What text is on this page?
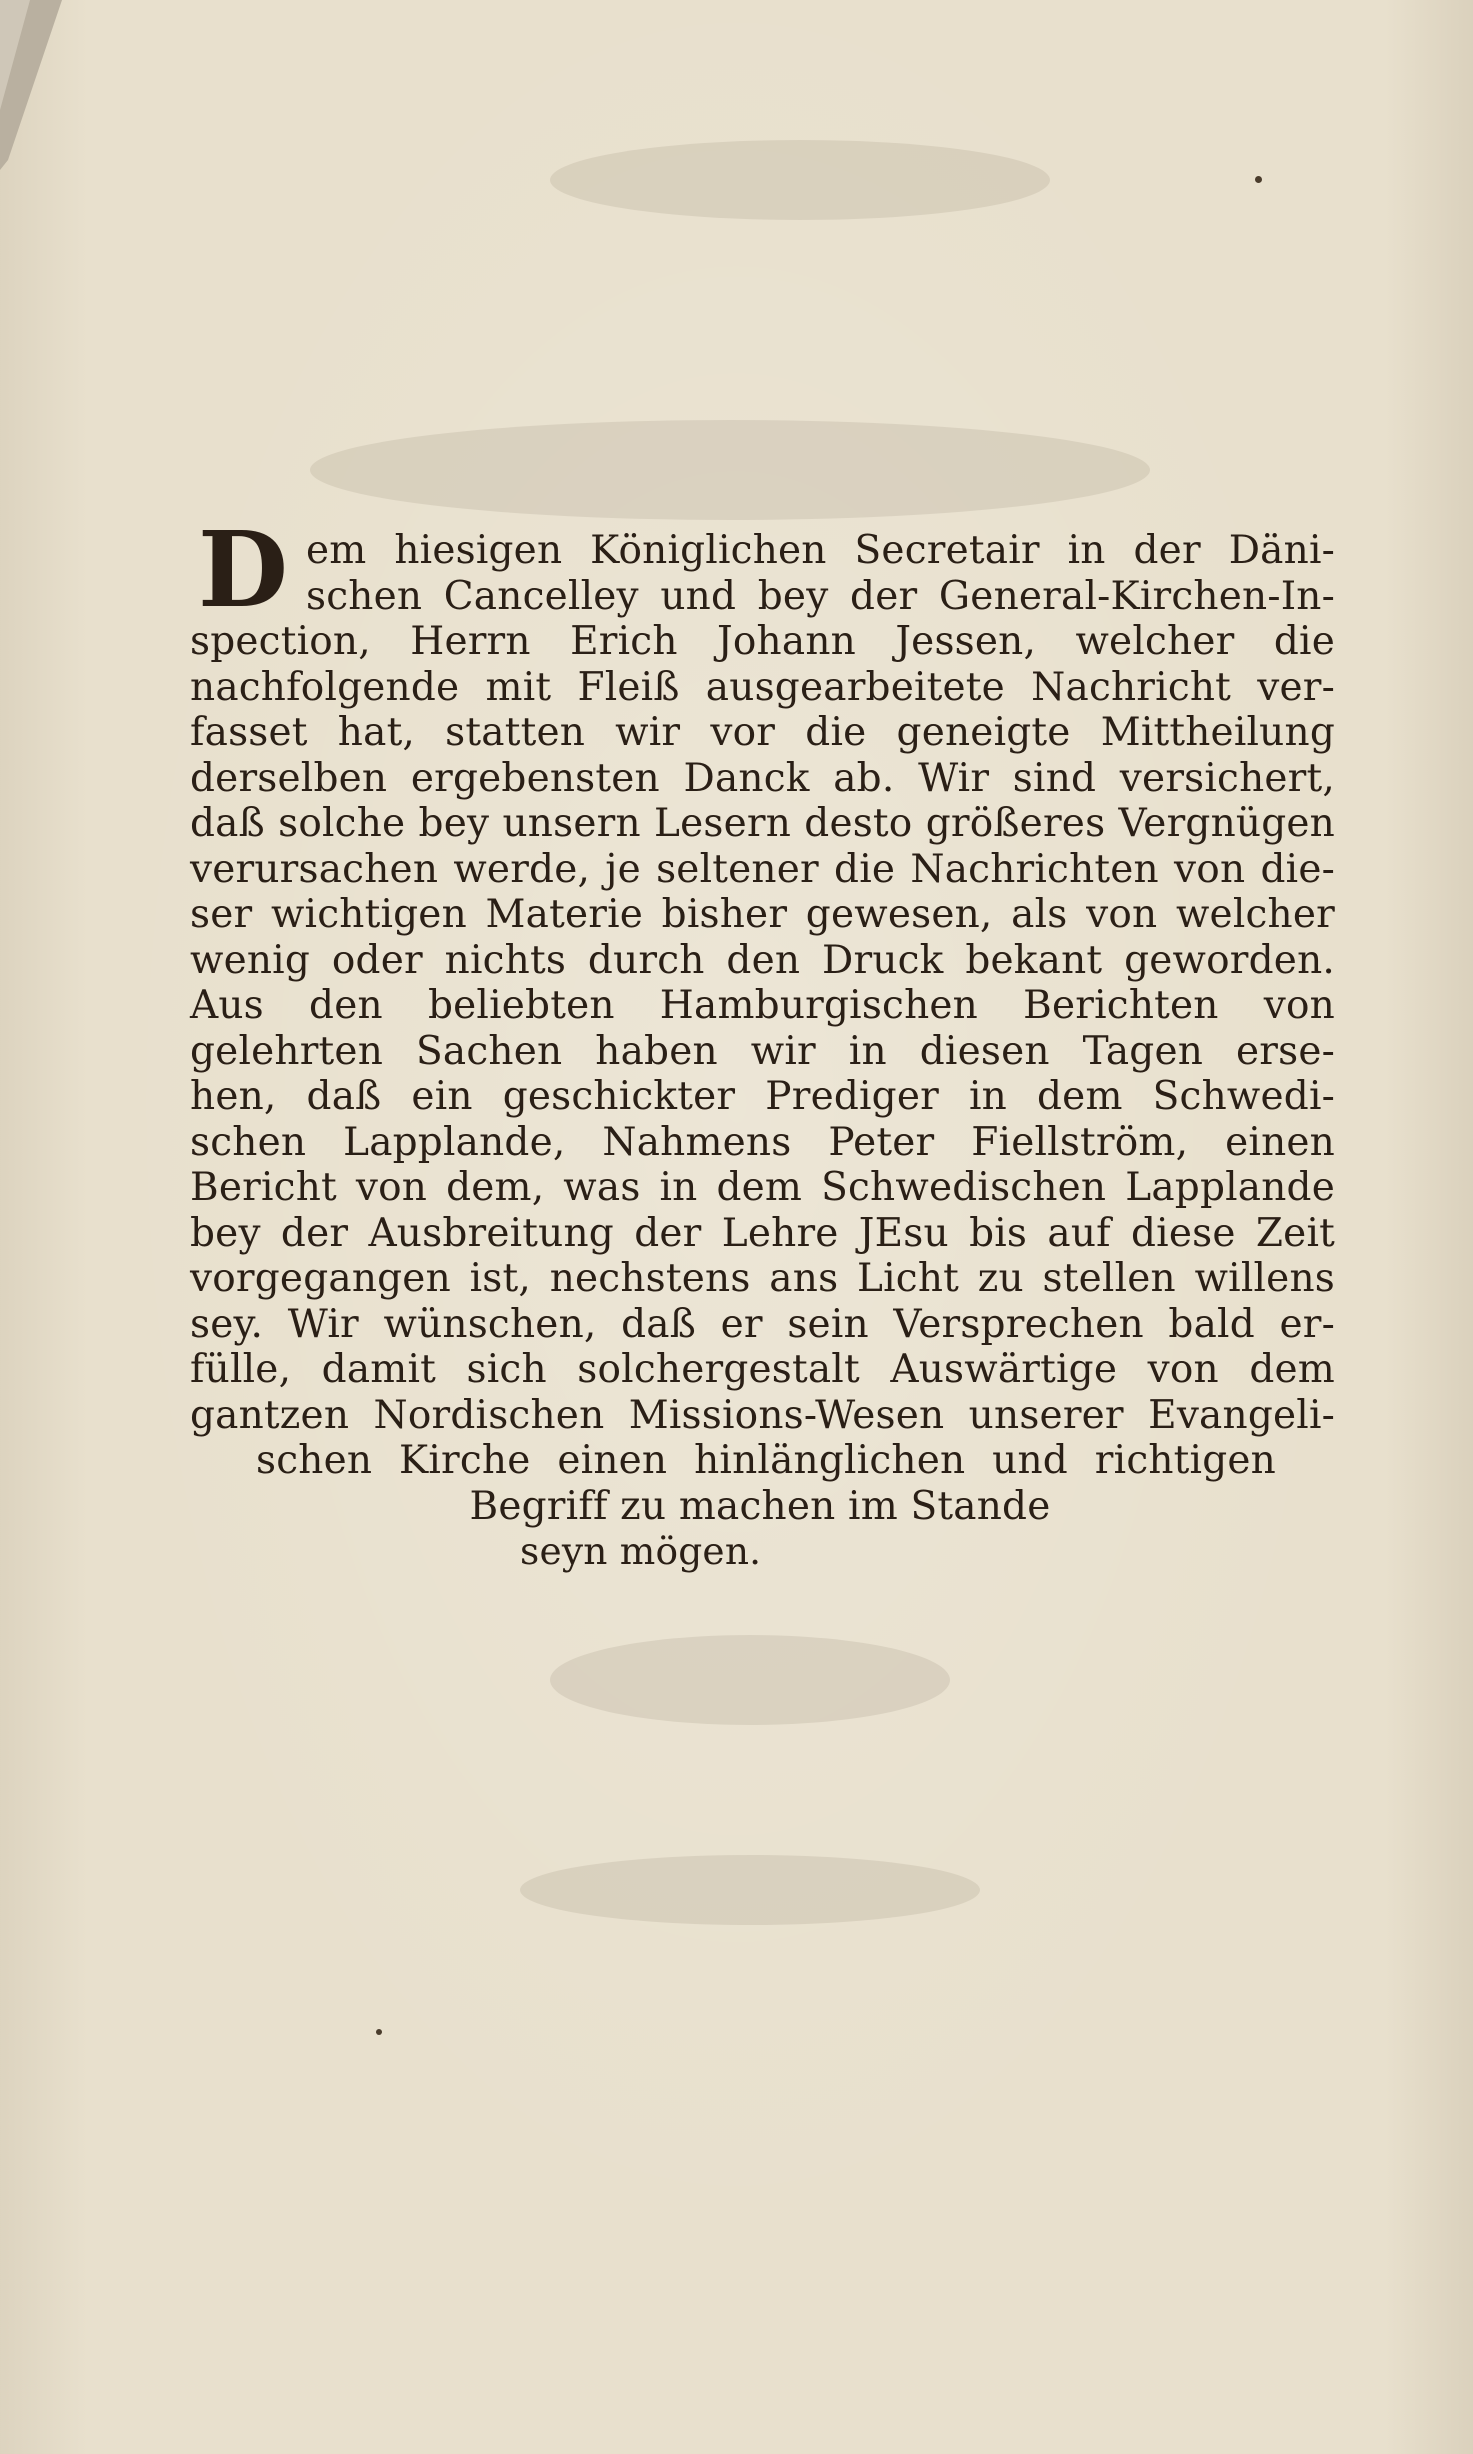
D em hiesigen Königlichen Secretair in der Däni-
schen Cancelley und bey der General-Kirchen-In-
spection, Herrn Erich Johann Jessen, welcher die
nachfolgende mit Fleiß ausgearbeitete Nachricht ver-
fasset hat, statten wir vor die geneigte Mittheilung
derselben ergebensten Danck ab. Wir sind versichert,
daß solche bey unsern Lesern desto größeres Vergnügen
verursachen werde, je seltener die Nachrichten von die-
ser wichtigen Materie bisher gewesen, als von welcher
wenig oder nichts durch den Druck bekant geworden.
Aus den beliebten Hamburgischen Berichten von
gelehrten Sachen haben wir in diesen Tagen erse-
hen, daß ein geschickter Prediger in dem Schwedi-
schen Lapplande, Nahmens Peter Fiellström, einen
Bericht von dem, was in dem Schwedischen Lapplande
bey der Ausbreitung der Lehre JEsu bis auf diese Zeit
vorgegangen ist, nechstens ans Licht zu stellen willens
sey. Wir wünschen, daß er sein Versprechen bald er-
fülle, damit sich solchergestalt Auswärtige von dem
gantzen Nordischen Missions-Wesen unserer Evangeli-
schen Kirche einen hinlänglichen und richtigen
Begriff zu machen im Stande
seyn mögen.
